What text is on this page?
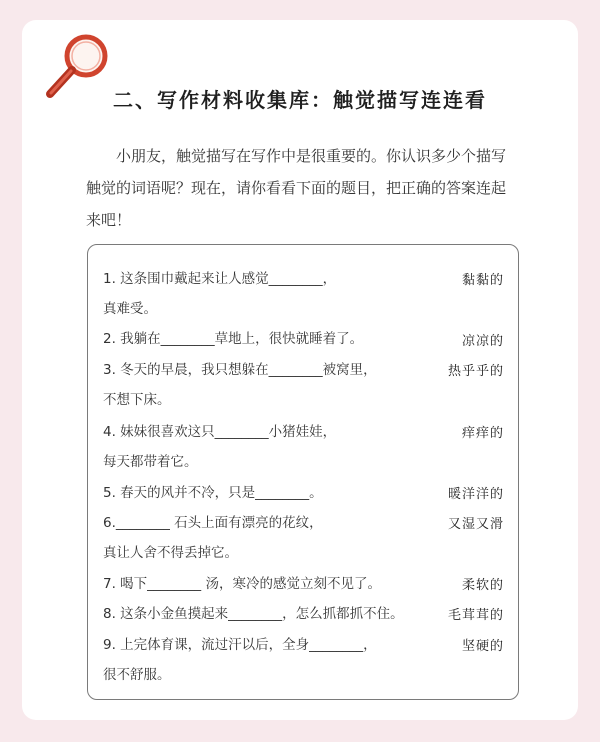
二、写作材料收集库：触觉描写连连看
小朋友，触觉描写在写作中是很重要的。你认识多少个描写
触觉的词语呢？现在，请你看看下面的题目，把正确的答案连起
来吧！
1. 这条围巾戴起来让人感觉________，
真难受。
2. 我躺在________草地上，很快就睡着了。
3. 冬天的早晨，我只想躲在________被窝里，
不想下床。
4. 妹妹很喜欢这只________小猪娃娃，
每天都带着它。
5. 春天的风并不冷，只是________。
6.________ 石头上面有漂亮的花纹，
真让人舍不得丢掉它。
7. 喝下________ 汤，寒冷的感觉立刻不见了。
8. 这条小金鱼摸起来________，怎么抓都抓不住。
9. 上完体育课，流过汗以后，全身________，
很不舒服。
黏黏的
凉凉的
热乎乎的
痒痒的
暖洋洋的
又湿又滑
柔软的
毛茸茸的
坚硬的
